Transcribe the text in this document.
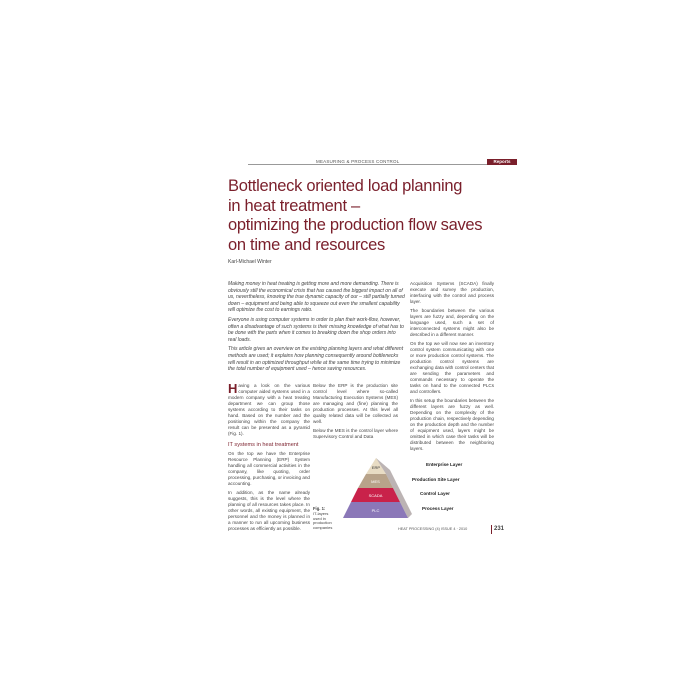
MEASURING & PROCESS CONTROL	Reports
Bottleneck oriented load planning
in heat treatment –
optimizing the production flow saves
on time and resources
Karl-Michael Winter

Making money in heat treating is getting more and more demanding. There is obviously still the economical crisis that has caused the biggest impact on all of us, nevertheless, knowing the true dynamic capacity of our – still partially turned down – equipment and being able to squeeze out even the smallest capability will optimize the cost to earnings ratio.

Everyone is using computer systems in order to plan their work-flow, however, often a disadvantage of such systems is their missing knowledge of what has to be done with the parts when it comes to breaking down the shop orders into real loads.

This article gives an overview on the existing planning layers and what different methods are used; it explains how planning consequently around bottlenecks will result in an optimized throughput while at the same time trying to minimize the total number of equipment used – hence saving resources.

Acquisition Systems (SCADA) finally execute and survey the production, interfacing with the control and process layer.

The boundaries between the various layers are fuzzy and, depending on the language used, such a set of interconnected systems might also be described in a different manner.

On the top we will now see an inventory control system communicating with one or more production control systems. The production control systems are exchanging data with control centers that are sending the parameters and commands necessary to operate the tasks on hand to the connected PLCs and controllers.

In this setup the boundaries between the different layers are fuzzy as well. Depending on the complexity of the production chain, respectively depending on the production depth and the number of equipment used, layers might be omitted in which case their tasks will be distributed between the neighboring layers.

Having a look on the various computer aided systems used in a modern company with a heat treating department we can group those systems according to their tasks on hand. Based on the number and the positioning within the company the result can be presented as a pyramid (Fig. 1).

IT systems in heat treatment

On the top we have the Enterprise Resource Planning (ERP) System handling all commercial activities in the company, like quoting, order processing, purchasing, or invoicing and accounting.

In addition, as the name already suggests, this is the level where the planning of all resources takes place. In other words, all existing equipment, the personnel and the money is planned in a manner to run all upcoming business processes as efficiently as possible.

Below the ERP is the production site control level where so-called Manufacturing Execution Systems (MES) are managing and (fine) planning the production processes. At this level all quality related data will be collected as well.

Below the MES is the control layer where Supervisory Control and Data

Fig. 1:
IT-layers used in production companies
ERP
MES
SCADA
PLC
Enterprise Layer
Production Site Layer
Control Layer
Process Layer
HEAT PROCESSING (4) ISSUE 4 · 2010	231
